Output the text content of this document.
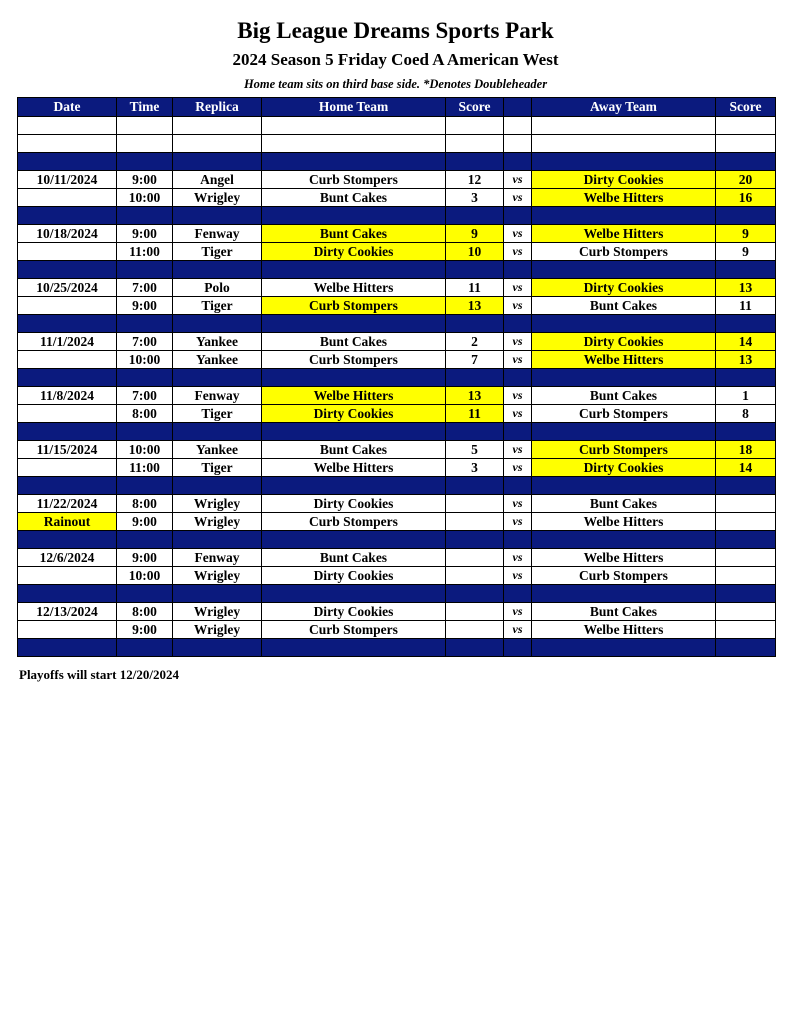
Big League Dreams Sports Park
2024 Season 5 Friday Coed A American West
Home team sits on third base side. *Denotes Doubleheader
Date	Time	Replica	Home Team	Score		Away Team	Score

10/11/2024	9:00	Angel	Curb Stompers	12	vs	Dirty Cookies	20
	10:00	Wrigley	Bunt Cakes	3	vs	Welbe Hitters	16

10/18/2024	9:00	Fenway	Bunt Cakes	9	vs	Welbe Hitters	9
	11:00	Tiger	Dirty Cookies	10	vs	Curb Stompers	9

10/25/2024	7:00	Polo	Welbe Hitters	11	vs	Dirty Cookies	13
	9:00	Tiger	Curb Stompers	13	vs	Bunt Cakes	11

11/1/2024	7:00	Yankee	Bunt Cakes	2	vs	Dirty Cookies	14
	10:00	Yankee	Curb Stompers	7	vs	Welbe Hitters	13

11/8/2024	7:00	Fenway	Welbe Hitters	13	vs	Bunt Cakes	1
	8:00	Tiger	Dirty Cookies	11	vs	Curb Stompers	8

11/15/2024	10:00	Yankee	Bunt Cakes	5	vs	Curb Stompers	18
	11:00	Tiger	Welbe Hitters	3	vs	Dirty Cookies	14

11/22/2024	8:00	Wrigley	Dirty Cookies		vs	Bunt Cakes	
Rainout	9:00	Wrigley	Curb Stompers		vs	Welbe Hitters	

12/6/2024	9:00	Fenway	Bunt Cakes		vs	Welbe Hitters	
	10:00	Wrigley	Dirty Cookies		vs	Curb Stompers	

12/13/2024	8:00	Wrigley	Dirty Cookies		vs	Bunt Cakes	
	9:00	Wrigley	Curb Stompers		vs	Welbe Hitters	

Playoffs will start 12/20/2024
